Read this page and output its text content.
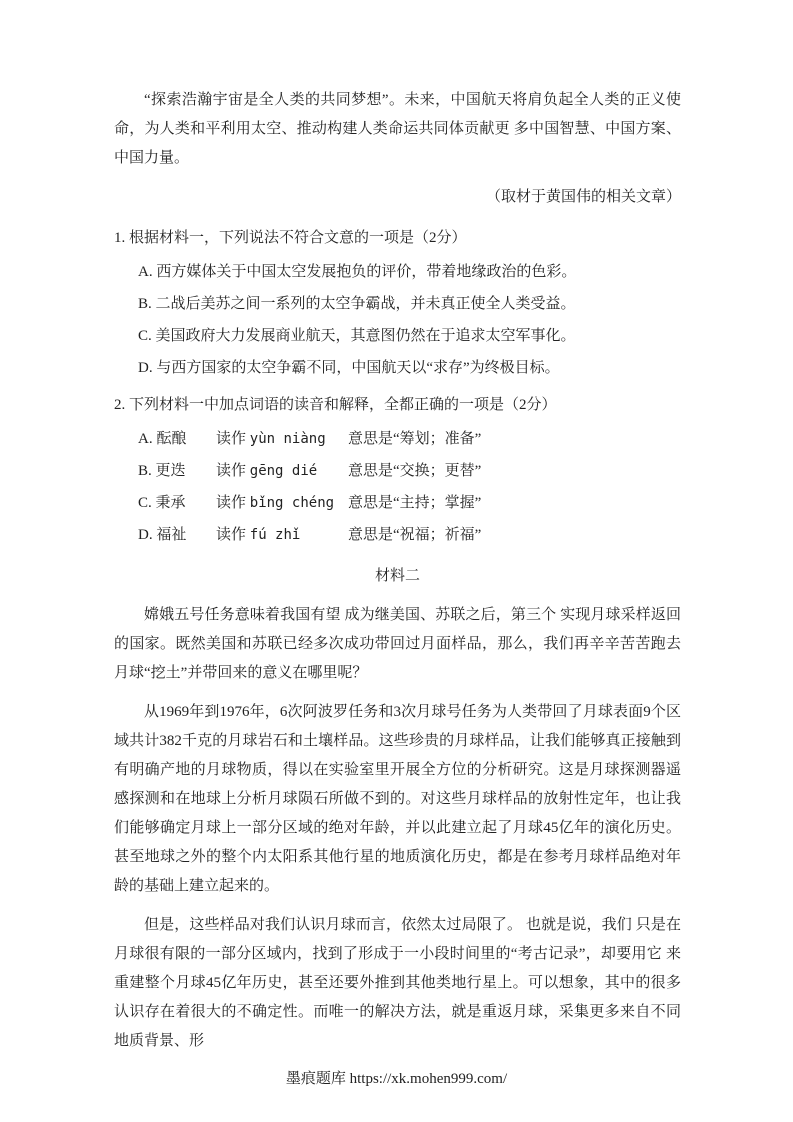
“探索浩瀚宇宙是全人类的共同梦想”。未来，中国航天将肩负起全人类的正义使命，为人类和平利用太空、推动构建人类命运共同体贡献更 多中国智慧、中国方案、中国力量。

（取材于黄国伟的相关文章）

1. 根据材料一，下列说法不符合文意的一项是（2分）

A. 西方媒体关于中国太空发展抱负的评价，带着地缘政治的色彩。

B. 二战后美苏之间一系列的太空争霸战，并未真正使全人类受益。

C. 美国政府大力发展商业航天，其意图仍然在于追求太空军事化。

D. 与西方国家的太空争霸不同，中国航天以“求存”为终极目标。

2. 下列材料一中加点词语的读音和解释，全都正确的一项是（2分）

A. 酝酿	读作 yùn niàng	意思是“筹划；准备”
B. 更迭	读作 gēng dié	意思是“交换；更替”
C. 秉承	读作 bǐng chéng 意思是“主持；掌握”
D. 福祉	读作 fú zhǐ	意思是“祝福；祈福”
材料二

嫦娥五号任务意味着我国有望 成为继美国、苏联之后，第三个 实现月球采样返回的国家。既然美国和苏联已经多次成功带回过月面样品，那么，我们再辛辛苦苦跑去月球“挖土”并带回来的意义在哪里呢？

从1969年到1976年，6次阿波罗任务和3次月球号任务为人类带回了月球表面9个区域共计382千克的月球岩石和土壤样品。这些珍贵的月球样品，让我们能够真正接触到有明确产地的月球物质，得以在实验室里开展全方位的分析研究。这是月球探测器遥感探测和在地球上分析月球陨石所做不到的。对这些月球样品的放射性定年，也让我们能够确定月球上一部分区域的绝对年龄，并以此建立起了月球45亿年的演化历史。甚至地球之外的整个内太阳系其他行星的地质演化历史，都是在参考月球样品绝对年龄的基础上建立起来的。

但是，这些样品对我们认识月球而言，依然太过局限了。 也就是说，我们 只是在月球很有限的一部分区域内，找到了形成于一小段时间里的“考古记录”，却要用它 来重建整个月球45亿年历史，甚至还要外推到其他类地行星上。可以想象，其中的很多认识存在着很大的不确定性。而唯一的解决方法，就是重返月球，采集更多来自不同地质背景、形

墨痕题库 https://xk.mohen999.com/
